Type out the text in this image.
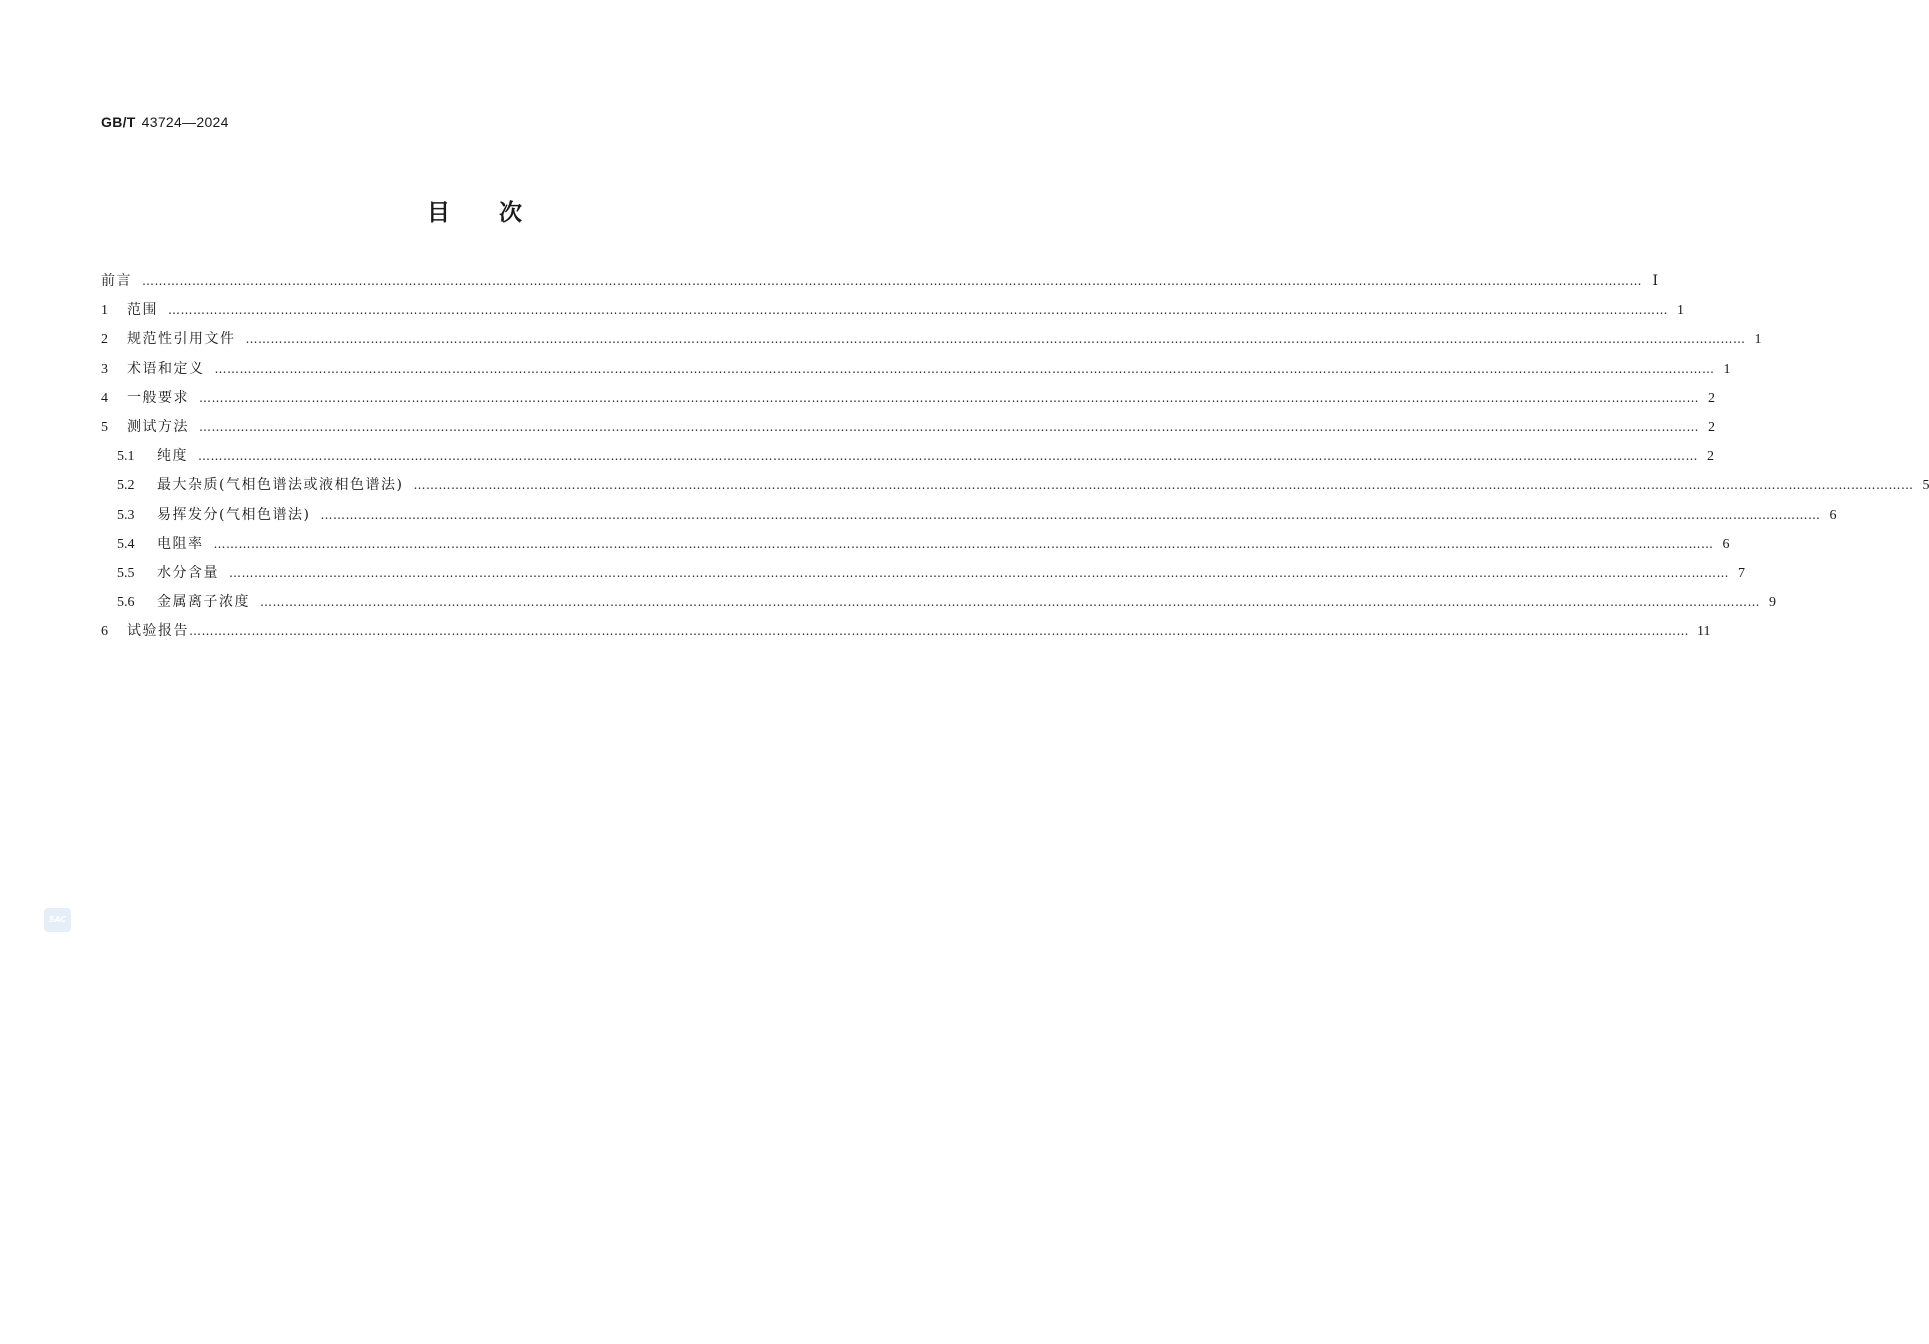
GB/T 43724—2024
目 次
前言 ……………………………………………………………………………………………………………………………………………………………………………………………………………………………………………………………………………………………………………………………… Ⅰ
1	范围 ……………………………………………………………………………………………………………………………………………………………………………………………………………………………………………………………………………………………………………………………… 1
2	规范性引用文件 ……………………………………………………………………………………………………………………………………………………………………………………………………………………………………………………………………………………………………………………………… 1
3	术语和定义 ……………………………………………………………………………………………………………………………………………………………………………………………………………………………………………………………………………………………………………………………… 1
4	一般要求 ……………………………………………………………………………………………………………………………………………………………………………………………………………………………………………………………………………………………………………………………… 2
5	测试方法 ……………………………………………………………………………………………………………………………………………………………………………………………………………………………………………………………………………………………………………………………… 2
5.1	纯度 ……………………………………………………………………………………………………………………………………………………………………………………………………………………………………………………………………………………………………………………………… 2
5.2	最大杂质(气相色谱法或液相色谱法) ……………………………………………………………………………………………………………………………………………………………………………………………………………………………………………………………………………………………………………………………… 5
5.3	易挥发分(气相色谱法) ……………………………………………………………………………………………………………………………………………………………………………………………………………………………………………………………………………………………………………………………… 6
5.4	电阻率 ……………………………………………………………………………………………………………………………………………………………………………………………………………………………………………………………………………………………………………………………… 6
5.5	水分含量 ……………………………………………………………………………………………………………………………………………………………………………………………………………………………………………………………………………………………………………………………… 7
5.6	金属离子浓度 ……………………………………………………………………………………………………………………………………………………………………………………………………………………………………………………………………………………………………………………………… 9
6	试验报告 ……………………………………………………………………………………………………………………………………………………………………………………………………………………………………………………………………………………………………………………………… 11
SAC
